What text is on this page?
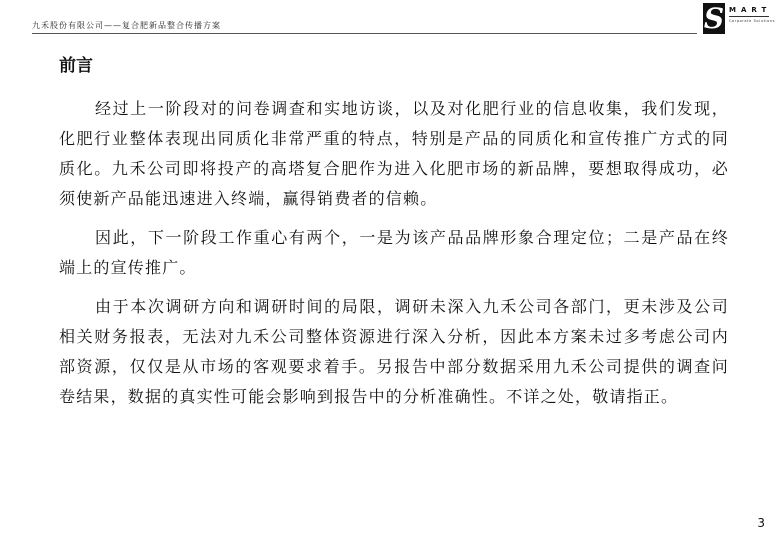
九禾股份有限公司——复合肥新品整合传播方案	S MART
Corporate Solutions
前言

经过上一阶段对的问卷调查和实地访谈，以及对化肥行业的信息收集，我们发现，化肥行业整体表现出同质化非常严重的特点，特别是产品的同质化和宣传推广方式的同质化。九禾公司即将投产的高塔复合肥作为进入化肥市场的新品牌，要想取得成功，必须使新产品能迅速进入终端，赢得销费者的信赖。

因此，下一阶段工作重心有两个，一是为该产品品牌形象合理定位；二是产品在终端上的宣传推广。

由于本次调研方向和调研时间的局限，调研未深入九禾公司各部门，更未涉及公司相关财务报表，无法对九禾公司整体资源进行深入分析，因此本方案未过多考虑公司内部资源，仅仅是从市场的客观要求着手。另报告中部分数据采用九禾公司提供的调查问卷结果，数据的真实性可能会影响到报告中的分析准确性。不详之处，敬请指正。

3
